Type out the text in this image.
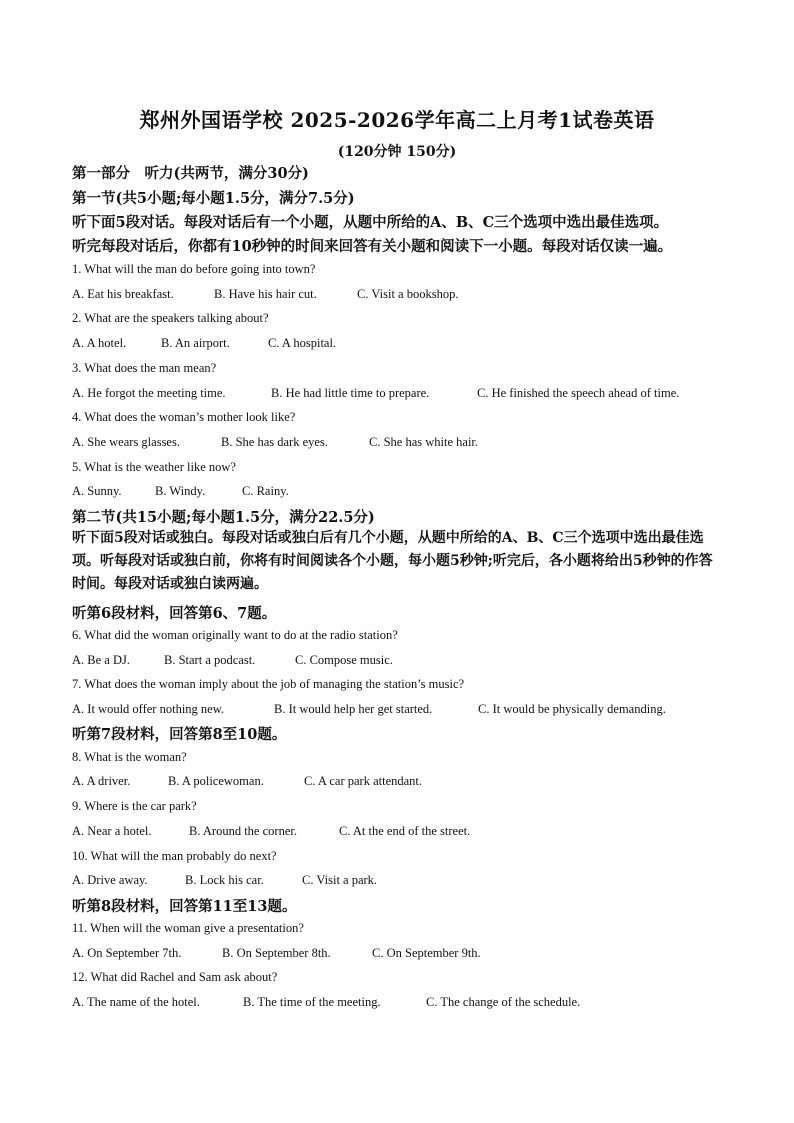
郑州外国语学校 2025-2026学年高二上月考1试卷英语
(120分钟 150分)
第一部分　听力(共两节，满分30分)
第一节(共5小题;每小题1.5分，满分7.5分)
听下面5段对话。每段对话后有一个小题，从题中所给的A、B、C三个选项中选出最佳选项。
听完每段对话后，你都有10秒钟的时间来回答有关小题和阅读下一小题。每段对话仅读一遍。
1. What will the man do before going into town?
A. Eat his breakfast.	B. Have his hair cut.	C. Visit a bookshop.
2. What are the speakers talking about?
A. A hotel.	B. An airport.	C. A hospital.
3. What does the man mean?
A. He forgot the meeting time.	B. He had little time to prepare.	C. He finished the speech ahead of time.
4. What does the woman’s mother look like?
A. She wears glasses.	B. She has dark eyes.	C. She has white hair.
5. What is the weather like now?
A. Sunny.	B. Windy.	C. Rainy.
第二节(共15小题;每小题1.5分，满分22.5分)
听下面5段对话或独白。每段对话或独白后有几个小题，从题中所给的A、B、C三个选项中选出最佳选项。听每段对话或独白前，你将有时间阅读各个小题，每小题5秒钟;听完后，各小题将给出5秒钟的作答时间。每段对话或独白读两遍。
听第6段材料，回答第6、7题。
6. What did the woman originally want to do at the radio station?
A. Be a DJ.	B. Start a podcast.	C. Compose music.
7. What does the woman imply about the job of managing the station’s music?
A. It would offer nothing new.	B. It would help her get started.	C. It would be physically demanding.
听第7段材料，回答第8至10题。
8. What is the woman?
A. A driver.	B. A policewoman.	C. A car park attendant.
9. Where is the car park?
A. Near a hotel.	B. Around the corner.	C. At the end of the street.
10. What will the man probably do next?
A. Drive away.	B. Lock his car.	C. Visit a park.
听第8段材料，回答第11至13题。
11. When will the woman give a presentation?
A. On September 7th.	B. On September 8th.	C. On September 9th.
12. What did Rachel and Sam ask about?
A. The name of the hotel.	B. The time of the meeting.	C. The change of the schedule.
